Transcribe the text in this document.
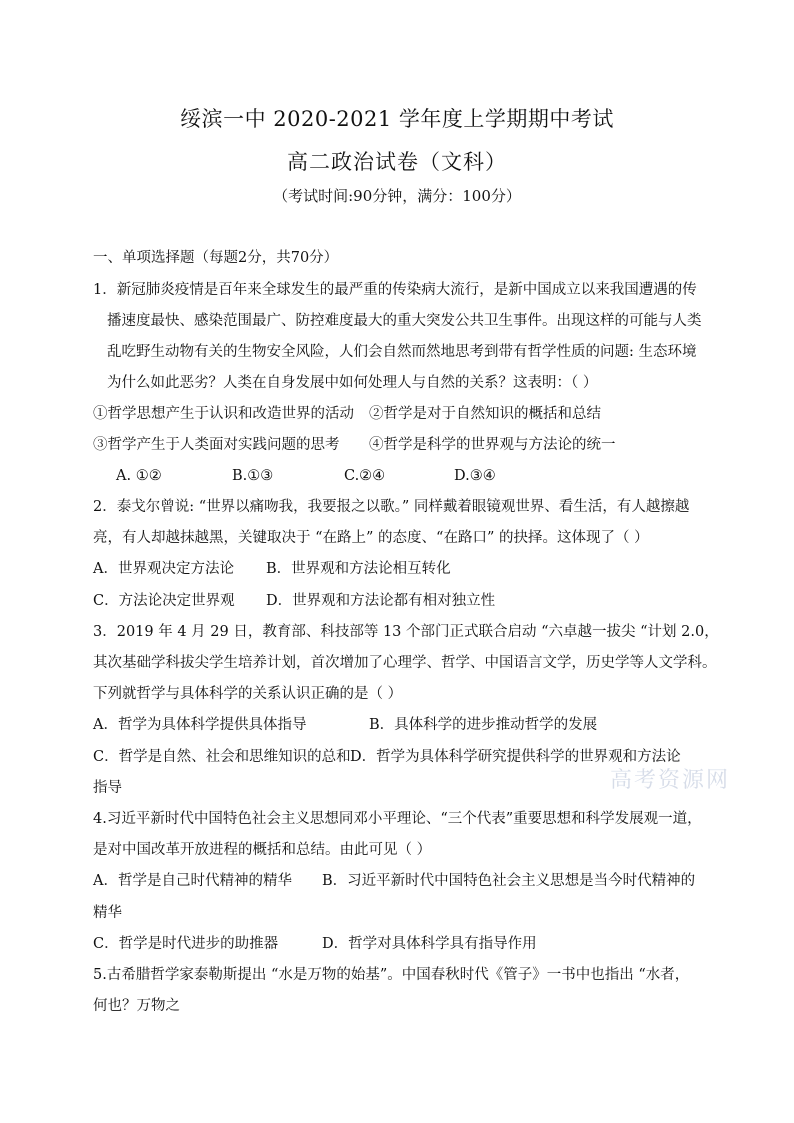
绥滨一中 2020-2021 学年度上学期期中考试
高二政治试卷（文科）
（考试时间:90分钟，满分：100分）
一、单项选择题（每题2分，共70分）
1．新冠肺炎疫情是百年来全球发生的最严重的传染病大流行，是新中国成立以来我国遭遇的传
播速度最快、感染范围最广、防控难度最大的重大突发公共卫生事件。出现这样的可能与人类
乱吃野生动物有关的生物安全风险，人们会自然而然地思考到带有哲学性质的问题: 生态环境
为什么如此恶劣？人类在自身发展中如何处理人与自然的关系？这表明：（ ）
①哲学思想产生于认识和改造世界的活动 ②哲学是对于自然知识的概括和总结
③哲学产生于人类面对实践问题的思考 ④哲学是科学的世界观与方法论的统一
A. ①②	B.①③	C.②④	D.③④
2．泰戈尔曾说: “世界以痛吻我，我要报之以歌。” 同样戴着眼镜观世界、看生活，有人越擦越
亮，有人却越抹越黑，关键取决于 “在路上” 的态度、“在路口” 的抉择。这体现了（ ）
A．世界观决定方法论 B．世界观和方法论相互转化
C．方法论决定世界观 D．世界观和方法论都有相对独立性
3．2019 年 4 月 29 日，教育部、科技部等 13 个部门正式联合启动 “六卓越一拔尖 “计划 2.0，
其次基础学科拔尖学生培养计划，首次增加了心理学、哲学、中国语言文学，历史学等人文学科。
下列就哲学与具体科学的关系认识正确的是（ ）
A．哲学为具体科学提供具体指导	B．具体科学的进步推动哲学的发展
C．哲学是自然、社会和思维知识的总和 D．哲学为具体科学研究提供科学的世界观和方法论
指导
4.习近平新时代中国特色社会主义思想同邓小平理论、“三个代表”重要思想和科学发展观一道，
是对中国改革开放进程的概括和总结。由此可见（ ）
A．哲学是自己时代精神的精华 B．习近平新时代中国特色社会主义思想是当今时代精神的
精华
C．哲学是时代进步的助推器	D．哲学对具体科学具有指导作用
5.古希腊哲学家泰勒斯提出 “水是万物的始基”。中国春秋时代《管子》一书中也指出 “水者，
何也？万物之
高考资源网
